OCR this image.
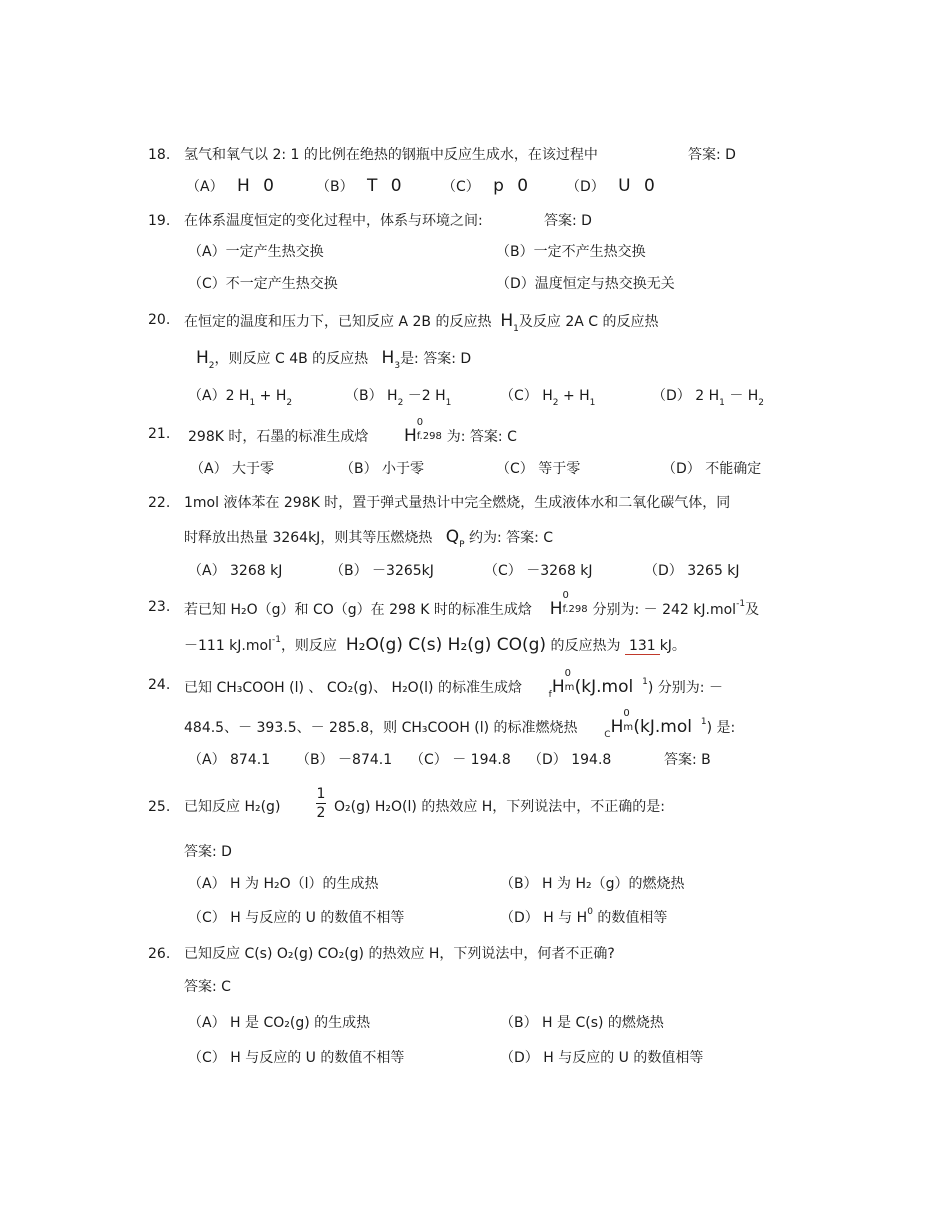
18. 氢气和氧气以 2: 1 的比例在绝热的钢瓶中反应生成水，在该过程中	答案: D
（A） H 0	（B） T 0	（C） p 0	（D） U 0
19. 在体系温度恒定的变化过程中，体系与环境之间:	答案: D
（A）一定产生热交换	（B）一定不产生热交换
（C）不一定产生热交换	（D）温度恒定与热交换无关
20. 在恒定的温度和压力下，已知反应 A 2B 的反应热 $H_1$及反应 2A C 的反应热
$H_2$，则反应 C 4B 的反应热 $H_3$是: 答案: D
（A）2 $H_1 + H_2$	（B） $H_2 -2$ $H_1$	（C） $H_2 + H_1$	（D） 2 $H_1 - H_2$
21. 298K 时，石墨的标准生成焓 H
0
f.298 为: 答案: C
（A） 大于零	（B） 小于零	（C） 等于零	（D） 不能确定
22. 1mol 液体苯在 298K 时，置于弹式量热计中完全燃烧，生成液体水和二氧化碳气体，同
时释放出热量 3264kJ，则其等压燃烧热 $Q_P$ 约为: 答案: C
（A） 3268 kJ	（B） －3265kJ	（C） －3268 kJ	（D） 3265 kJ
23. 若已知 H₂O（g）和 CO（g）在 298 K 时的标准生成焓 H
0
f.298 分别为: － 242 kJ.mol$^{-1}$及
－111 kJ.mol$^{-1}$，则反应 H₂O(g) C(s) H₂(g) CO(g) 的反应热为 131 kJ。
24. 已知 CH₃COOH (l) 、 CO₂(g)、 H₂O(l) 的标准生成焓	$_f$H
0
m (kJ.mol $^1$) 分别为: －
484.5、－ 393.5、－ 285.8，则 CH₃COOH (l) 的标准燃烧热	$_C$H
0
m (kJ.mol $^1$) 是:
（A） 874.1 （B） －874.1 （C） － 194.8 （D） 194.8	答案: B
25. 已知反应 H₂(g)
1
2 O₂(g) H₂O(l) 的热效应 H，下列说法中，不正确的是:
答案: D
（A） H 为 H₂O（l）的生成热	（B） H 为 H₂（g）的燃烧热
（C） H 与反应的 U 的数值不相等	（D） H 与 $H^0$ 的数值相等
26. 已知反应 C(s) O₂(g) CO₂(g) 的热效应 H，下列说法中，何者不正确?
答案: C
（A） H 是 CO₂(g) 的生成热	（B） H 是 C(s) 的燃烧热
（C） H 与反应的 U 的数值不相等	（D） H 与反应的 U 的数值相等
